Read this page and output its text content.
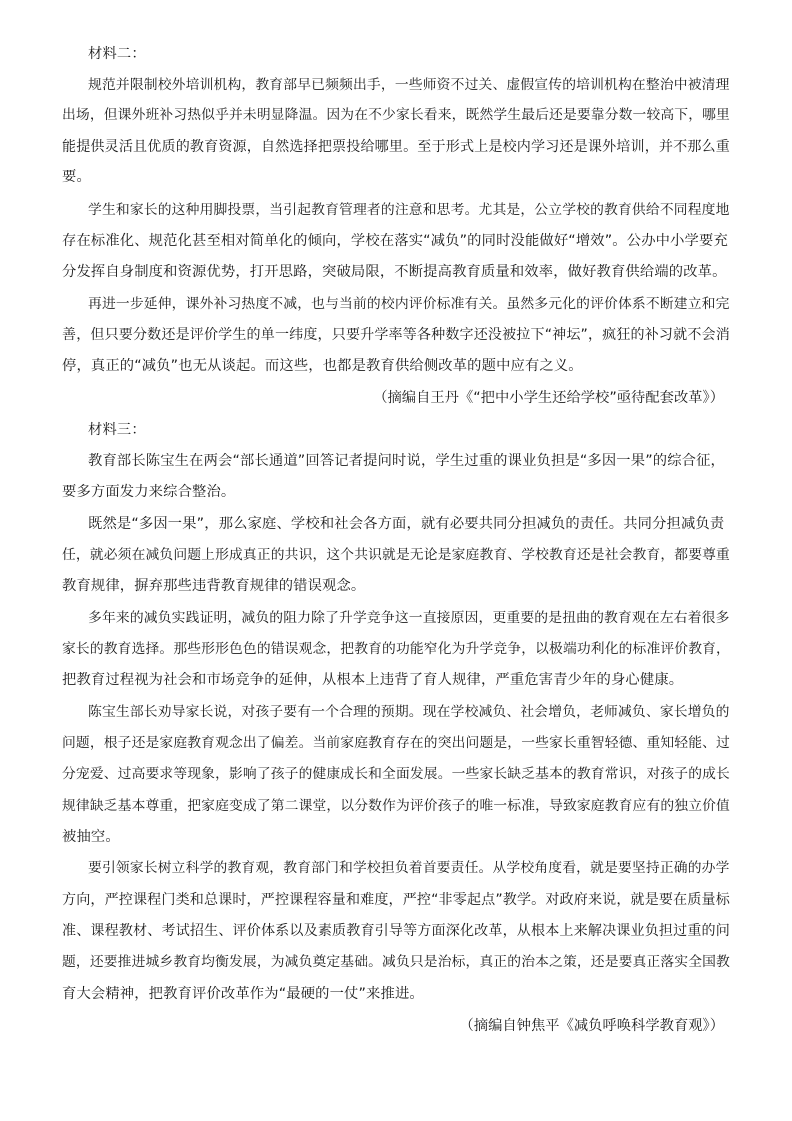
材料二：
规范并限制校外培训机构，教育部早已频频出手，一些师资不过关、虚假宣传的培训机构在整治中被清理
出场，但课外班补习热似乎并未明显降温。因为在不少家长看来，既然学生最后还是要靠分数一较高下，哪里
能提供灵活且优质的教育资源，自然选择把票投给哪里。至于形式上是校内学习还是课外培训，并不那么重
要。
学生和家长的这种用脚投票，当引起教育管理者的注意和思考。尤其是，公立学校的教育供给不同程度地
存在标准化、规范化甚至相对简单化的倾向，学校在落实“减负”的同时没能做好“增效”。公办中小学要充
分发挥自身制度和资源优势，打开思路，突破局限，不断提高教育质量和效率，做好教育供给端的改革。
再进一步延伸，课外补习热度不减，也与当前的校内评价标准有关。虽然多元化的评价体系不断建立和完
善，但只要分数还是评价学生的单一纬度，只要升学率等各种数字还没被拉下“神坛”，疯狂的补习就不会消
停，真正的“减负”也无从谈起。而这些，也都是教育供给侧改革的题中应有之义。
（摘编自王丹《“把中小学生还给学校”亟待配套改革》）
材料三：
教育部长陈宝生在两会“部长通道”回答记者提问时说，学生过重的课业负担是“多因一果”的综合征，
要多方面发力来综合整治。
既然是“多因一果”，那么家庭、学校和社会各方面，就有必要共同分担减负的责任。共同分担减负责
任，就必须在减负问题上形成真正的共识，这个共识就是无论是家庭教育、学校教育还是社会教育，都要尊重
教育规律，摒弃那些违背教育规律的错误观念。
多年来的减负实践证明，减负的阻力除了升学竞争这一直接原因，更重要的是扭曲的教育观在左右着很多
家长的教育选择。那些形形色色的错误观念，把教育的功能窄化为升学竞争，以极端功利化的标准评价教育，
把教育过程视为社会和市场竞争的延伸，从根本上违背了育人规律，严重危害青少年的身心健康。
陈宝生部长劝导家长说，对孩子要有一个合理的预期。现在学校减负、社会增负，老师减负、家长增负的
问题，根子还是家庭教育观念出了偏差。当前家庭教育存在的突出问题是，一些家长重智轻德、重知轻能、过
分宠爱、过高要求等现象，影响了孩子的健康成长和全面发展。一些家长缺乏基本的教育常识，对孩子的成长
规律缺乏基本尊重，把家庭变成了第二课堂，以分数作为评价孩子的唯一标准，导致家庭教育应有的独立价值
被抽空。
要引领家长树立科学的教育观，教育部门和学校担负着首要责任。从学校角度看，就是要坚持正确的办学
方向，严控课程门类和总课时，严控课程容量和难度，严控“非零起点”教学。对政府来说，就是要在质量标
准、课程教材、考试招生、评价体系以及素质教育引导等方面深化改革，从根本上来解决课业负担过重的问
题，还要推进城乡教育均衡发展，为减负奠定基础。减负只是治标，真正的治本之策，还是要真正落实全国教
育大会精神，把教育评价改革作为“最硬的一仗”来推进。
（摘编自钟焦平《减负呼唤科学教育观》）
